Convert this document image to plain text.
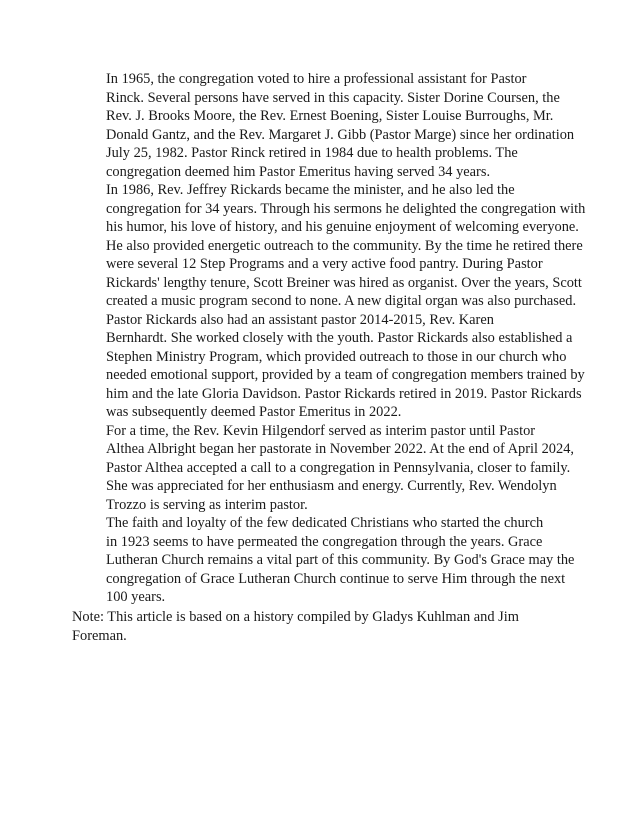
In 1965, the congregation voted to hire a professional assistant for Pastor
Rinck. Several persons have served in this capacity. Sister Dorine Coursen, the
Rev. J. Brooks Moore, the Rev. Ernest Boening, Sister Louise Burroughs, Mr.
Donald Gantz, and the Rev. Margaret J. Gibb (Pastor Marge) since her ordination
July 25, 1982. Pastor Rinck retired in 1984 due to health problems. The
congregation deemed him Pastor Emeritus having served 34 years.

In 1986, Rev. Jeffrey Rickards became the minister, and he also led the
congregation for 34 years. Through his sermons he delighted the congregation with
his humor, his love of history, and his genuine enjoyment of welcoming everyone.
He also provided energetic outreach to the community. By the time he retired there
were several 12 Step Programs and a very active food pantry. During Pastor
Rickards' lengthy tenure, Scott Breiner was hired as organist. Over the years, Scott
created a music program second to none. A new digital organ was also purchased.

Pastor Rickards also had an assistant pastor 2014-2015, Rev. Karen
Bernhardt. She worked closely with the youth. Pastor Rickards also established a
Stephen Ministry Program, which provided outreach to those in our church who
needed emotional support, provided by a team of congregation members trained by
him and the late Gloria Davidson. Pastor Rickards retired in 2019. Pastor Rickards
was subsequently deemed Pastor Emeritus in 2022.

For a time, the Rev. Kevin Hilgendorf served as interim pastor until Pastor
Althea Albright began her pastorate in November 2022. At the end of April 2024,
Pastor Althea accepted a call to a congregation in Pennsylvania, closer to family.
She was appreciated for her enthusiasm and energy. Currently, Rev. Wendolyn
Trozzo is serving as interim pastor.

The faith and loyalty of the few dedicated Christians who started the church
in 1923 seems to have permeated the congregation through the years. Grace
Lutheran Church remains a vital part of this community. By God's Grace may the
congregation of Grace Lutheran Church continue to serve Him through the next
100 years.

Note: This article is based on a history compiled by Gladys Kuhlman and Jim
Foreman.
